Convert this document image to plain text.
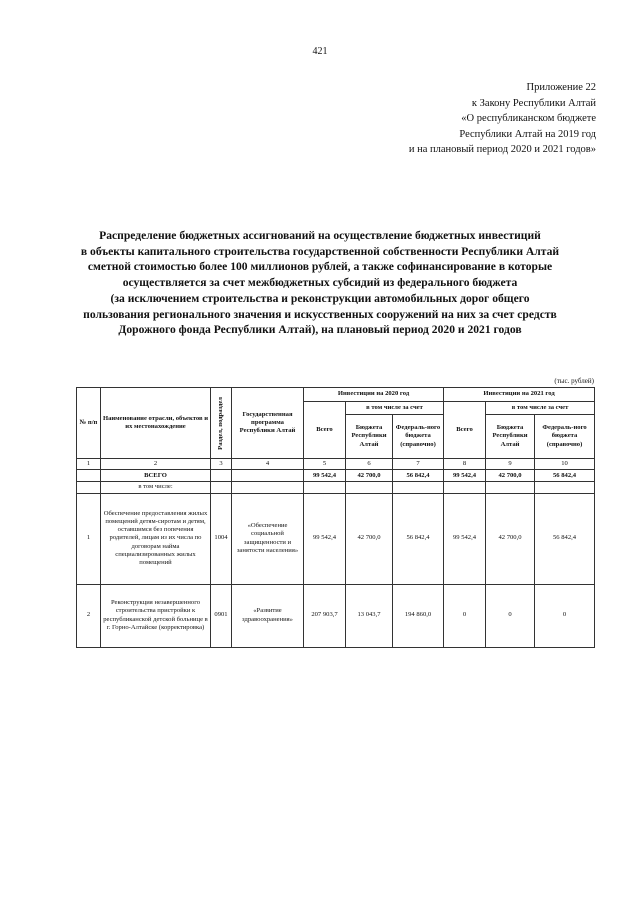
421
Приложение 22
к Закону Республики Алтай
«О республиканском бюджете
Республики Алтай на 2019 год
и на плановый период 2020 и 2021 годов»
Распределение бюджетных ассигнований на осуществление бюджетных инвестиций
в объекты капитального строительства государственной собственности Республики Алтай
сметной стоимостью более 100 миллионов рублей, а также софинансирование в которые
осуществляется за счет межбюджетных субсидий из федерального бюджета
(за исключением строительства и реконструкции автомобильных дорог общего
пользования регионального значения и искусственных сооружений на них за счет средств
Дорожного фонда Республики Алтай), на плановый период 2020 и 2021 годов
(тыс. рублей)
№ п/п	Наименование отрасли, объектов и их местонахождение	Раздел, подраздел	Государственная программа Республики Алтай	Инвестиции на 2020 год			Инвестиции на 2021 год		
				Всего	в том числе за счет		Всего	в том числе за счет	
					Бюджета Республики Алтай	Федераль-ного бюджета (справочно)		Бюджета Республики Алтай	Федераль-ного бюджета (справочно)
1	2	3	4	5	6	7	8	9	10
	ВСЕГО			99 542,4	42 700,0	56 842,4	99 542,4	42 700,0	56 842,4
	в том числе:								
1	Обеспечение предоставления жилых помещений детям-сиротам и детям, оставшимся без попечения родителей, лицам из их числа по договорам найма специализированных жилых помещений	1004	«Обеспечение социальной защищенности и занятости населения»	99 542,4	42 700,0	56 842,4	99 542,4	42 700,0	56 842,4
2	Реконструкция незавершенного строительства пристройки к республиканской детской больнице в г. Горно-Алтайске (корректировка)	0901	«Развитие здравоохранения»	207 903,7	13 043,7	194 860,0	0	0	0
